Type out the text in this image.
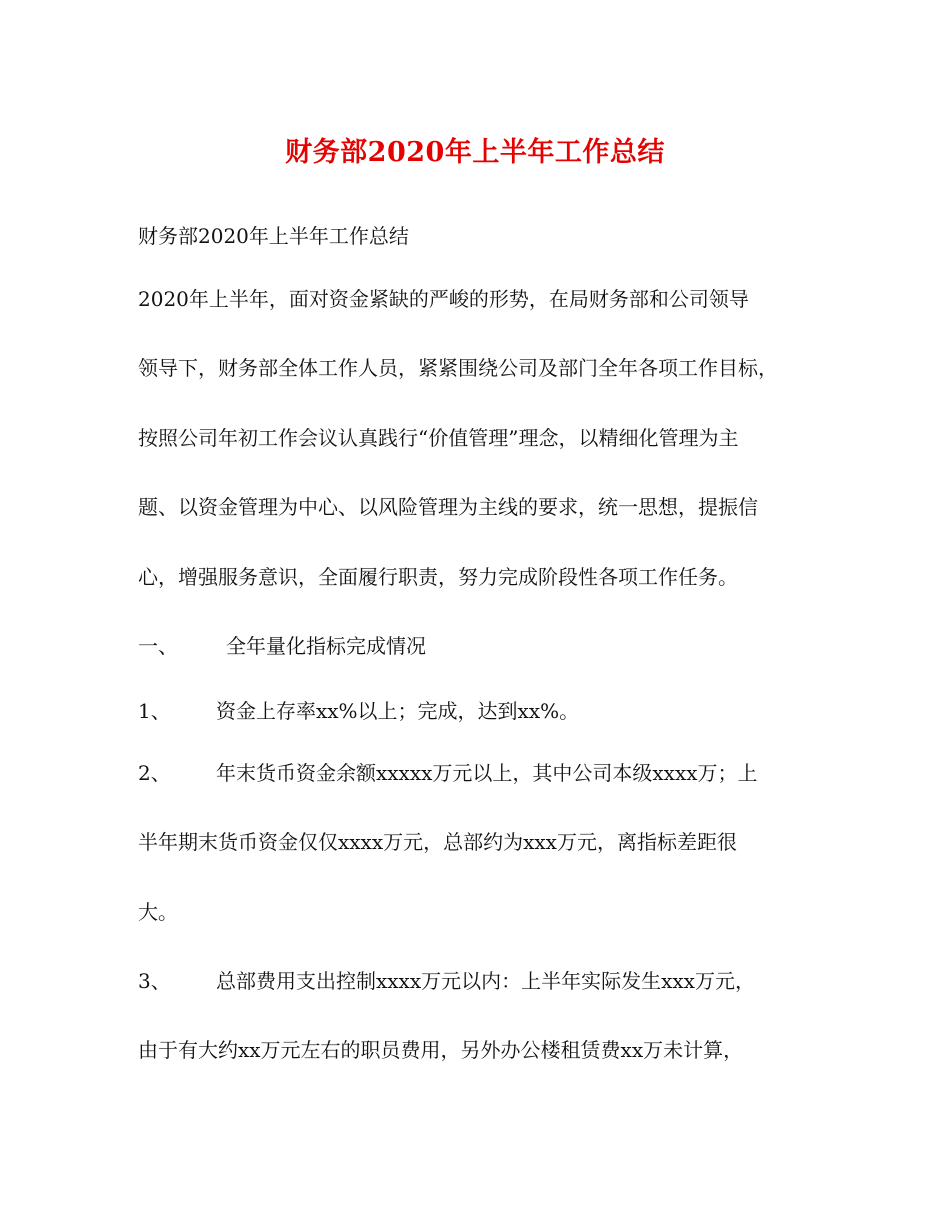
财务部2020年上半年工作总结

财务部2020年上半年工作总结

2020年上半年，面对资金紧缺的严峻的形势，在局财务部和公司领导

领导下，财务部全体工作人员，紧紧围绕公司及部门全年各项工作目标，

按照公司年初工作会议认真践行“价值管理”理念，以精细化管理为主

题、以资金管理为中心、以风险管理为主线的要求，统一思想，提振信

心，增强服务意识，全面履行职责，努力完成阶段性各项工作任务。

一、 全年量化指标完成情况

1、 资金上存率xx%以上；完成，达到xx%。

2、 年末货币资金余额xxxxx万元以上，其中公司本级xxxx万；上

半年期末货币资金仅仅xxxx万元，总部约为xxx万元，离指标差距很

大。

3、 总部费用支出控制xxxx万元以内：上半年实际发生xxx万元，

由于有大约xx万元左右的职员费用，另外办公楼租赁费xx万未计算，
